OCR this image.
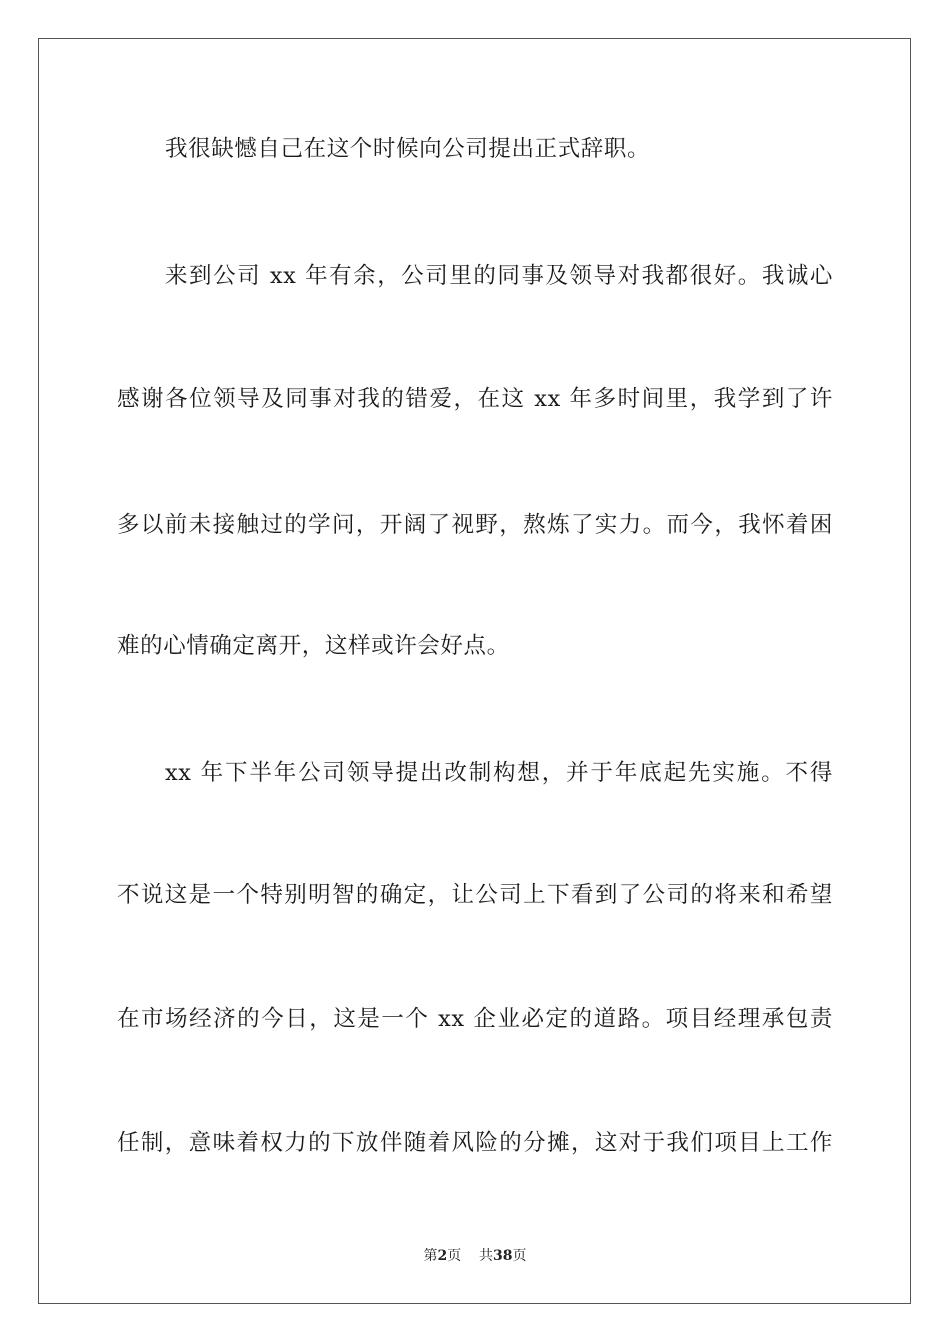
我很缺憾自己在这个时候向公司提出正式辞职。
来到公司 xx 年有余，公司里的同事及领导对我都很好。我诚心
感谢各位领导及同事对我的错爱，在这 xx 年多时间里，我学到了许
多以前未接触过的学问，开阔了视野，熬炼了实力。而今，我怀着困
难的心情确定离开，这样或许会好点。
xx 年下半年公司领导提出改制构想，并于年底起先实施。不得
不说这是一个特别明智的确定，让公司上下看到了公司的将来和希望
在市场经济的今日，这是一个 xx 企业必定的道路。项目经理承包责
任制，意味着权力的下放伴随着风险的分摊，这对于我们项目上工作
第2页 共38页
